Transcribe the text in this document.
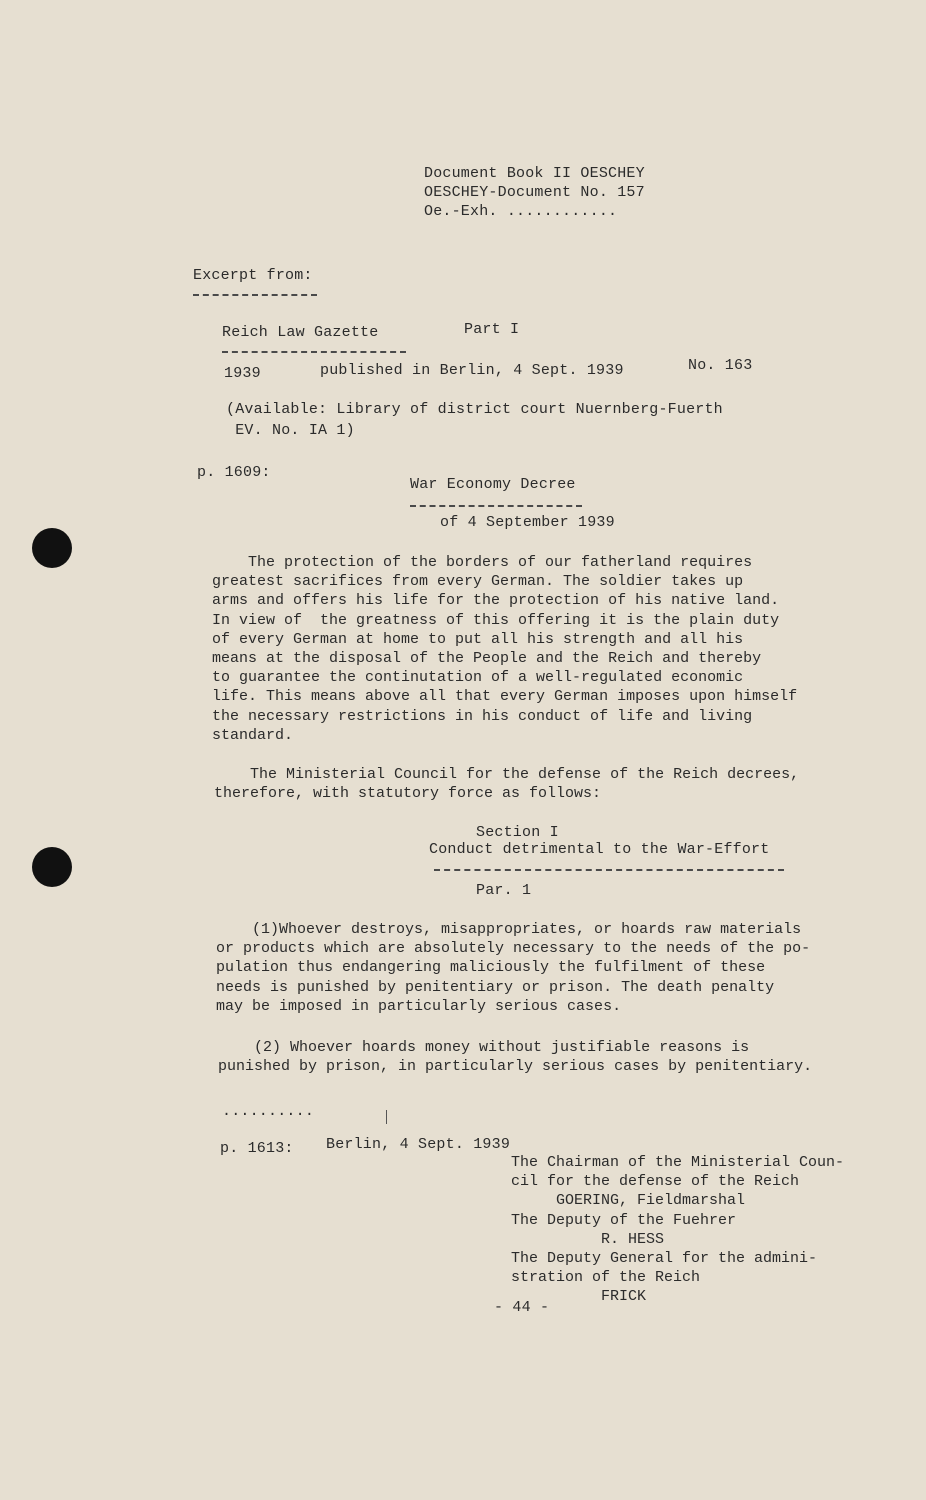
Document Book II OESCHEY
OESCHEY-Document No. 157
Oe.-Exh. ............
Excerpt from:
Reich Law Gazette	Part I
1939	published in Berlin, 4 Sept. 1939	No. 163
(Available: Library of district court Nuernberg-Fuerth
EV. No. IA 1)
p. 1609:
War Economy Decree
of 4 September 1939
The protection of the borders of our fatherland requires
greatest sacrifices from every German. The soldier takes up
arms and offers his life for the protection of his native land.
In view of  the greatness of this offering it is the plain duty
of every German at home to put all his strength and all his
means at the disposal of the People and the Reich and thereby
to guarantee the continutation of a well-regulated economic
life. This means above all that every German imposes upon himself
the necessary restrictions in his conduct of life and living
standard.
The Ministerial Council for the defense of the Reich decrees,
therefore, with statutory force as follows:
Section I
Conduct detrimental to the War-Effort
Par. 1
(1)Whoever destroys, misappropriates, or hoards raw materials
or products which are absolutely necessary to the needs of the po-
pulation thus endangering maliciously the fulfilment of these
needs is punished by penitentiary or prison. The death penalty
may be imposed in particularly serious cases.
(2) Whoever hoards money without justifiable reasons is
punished by prison, in particularly serious cases by penitentiary.
..........
p. 1613: Berlin, 4 Sept. 1939
The Chairman of the Ministerial Coun-
cil for the defense of the Reich
GOERING, Fieldmarshal
The Deputy of the Fuehrer
R. HESS
The Deputy General for the admini-
stration of the Reich
FRICK
- 44 -
